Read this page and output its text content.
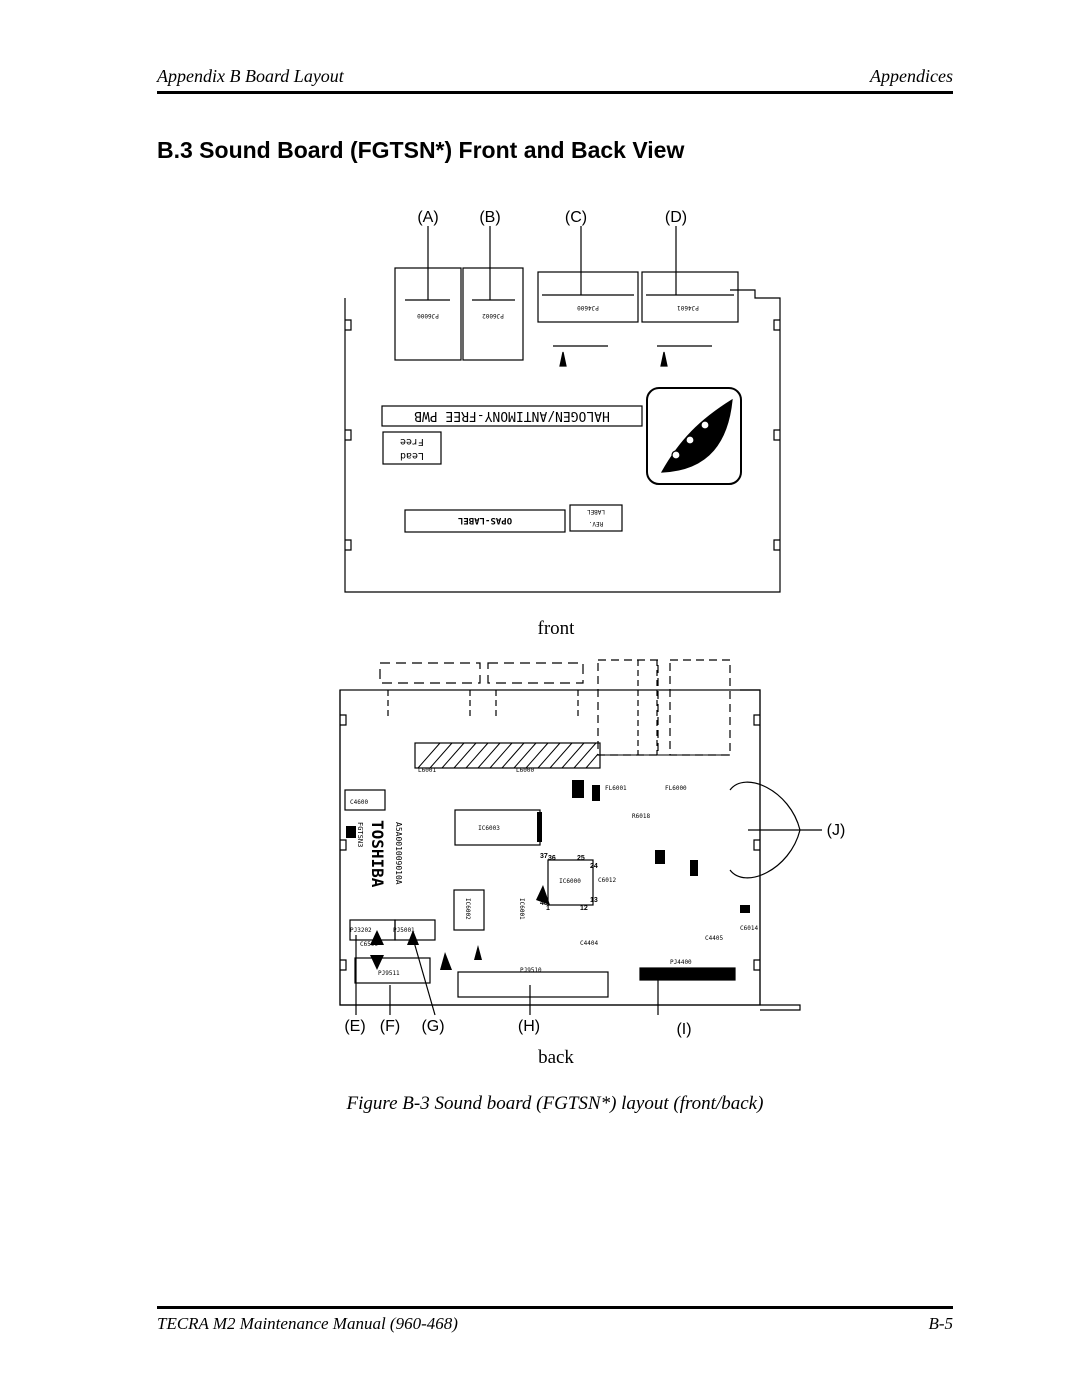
Appendix B Board Layout	Appendices
B.3 Sound Board (FGTSN*) Front and Back View
(A)	(B)	(C)	(D)
PJ6000	PJ6002
PJ4600	PJ4601
HALOGEN/ANTIMONY-FREE PWB
Free
Lead
OPAS-LABEL
LABEL
REV.
front
TOSHIBA
FGTSN3	A5A001009010A	IC6003
IC6000
IC6002	IC6001
37 36	25
24
13
1	12
48
C4600
L6001	L6000
C6599
FL6001	FL6000
C4404
C4405
C6014
R6018
C6012
PJ3202	PJ5001
PJ9511	PJ9510
PJ4400
(E) (F) (G)	(H)	(I)
(J)
back
Figure B-3 Sound board (FGTSN*) layout (front/back)
TECRA M2 Maintenance Manual (960-468)	B-5
